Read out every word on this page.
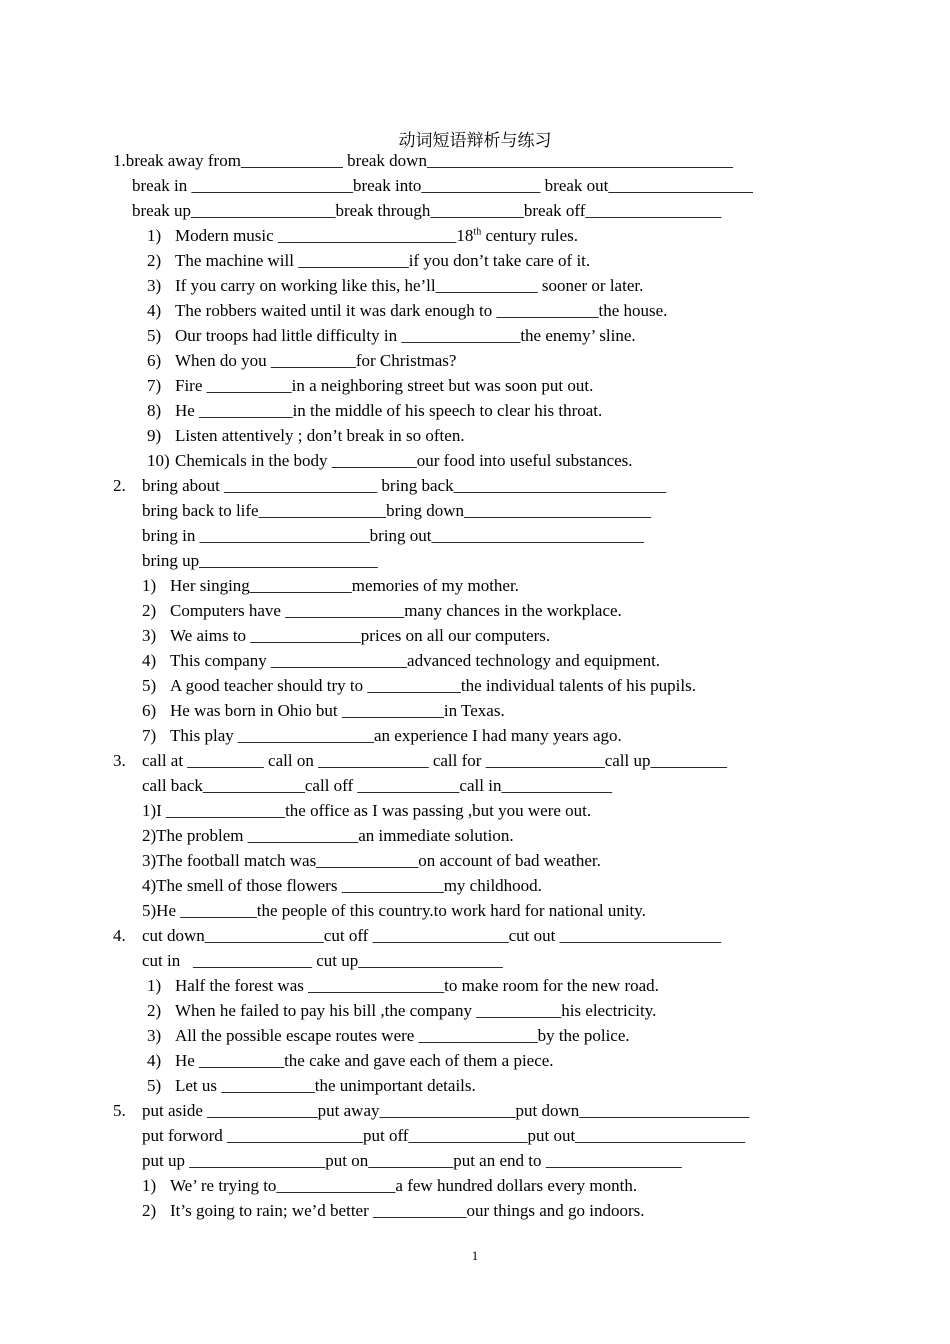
动词短语辩析与练习
1.break away from____________ break down____________________________________
break in ___________________break into______________ break out_________________
break up_________________break through___________break off________________
1) Modern music _____________________18th century rules.
2) The machine will _____________if you don’t take care of it.
3) If you carry on working like this, he’ll____________ sooner or later.
4) The robbers waited until it was dark enough to ____________the house.
5) Our troops had little difficulty in ______________the enemy’ sline.
6) When do you __________for Christmas?
7) Fire __________in a neighboring street but was soon put out.
8) He ___________in the middle of his speech to clear his throat.
9) Listen attentively ; don’t break in so often.
10) Chemicals in the body __________our food into useful substances.
2. bring about __________________ bring back_________________________
bring back to life_______________bring down______________________
bring in ____________________bring out_________________________
bring up_____________________
1) Her singing____________memories of my mother.
2) Computers have ______________many chances in the workplace.
3) We aims to _____________prices on all our computers.
4) This company ________________advanced technology and equipment.
5) A good teacher should try to ___________the individual talents of his pupils.
6) He was born in Ohio but ____________in Texas.
7) This play ________________an experience I had many years ago.
3. call at _________ call on _____________ call for ______________call up_________
call back____________call off ____________call in_____________
1)I ______________the office as I was passing ,but you were out.
2)The problem _____________an immediate solution.
3)The football match was____________on account of bad weather.
4)The smell of those flowers ____________my childhood.
5)He _________the people of this country.to work hard for national unity.
4. cut down______________cut off ________________cut out ___________________
cut in   ______________ cut up_________________
1) Half the forest was ________________to make room for the new road.
2) When he failed to pay his bill ,the company __________his electricity.
3) All the possible escape routes were ______________by the police.
4) He __________the cake and gave each of them a piece.
5) Let us ___________the unimportant details.
5. put aside _____________put away________________put down____________________
put forword ________________put off______________put out____________________
put up ________________put on__________put an end to ________________
1) We’ re trying to______________a few hundred dollars every month.
2) It’s going to rain; we’d better ___________our things and go indoors.
1
